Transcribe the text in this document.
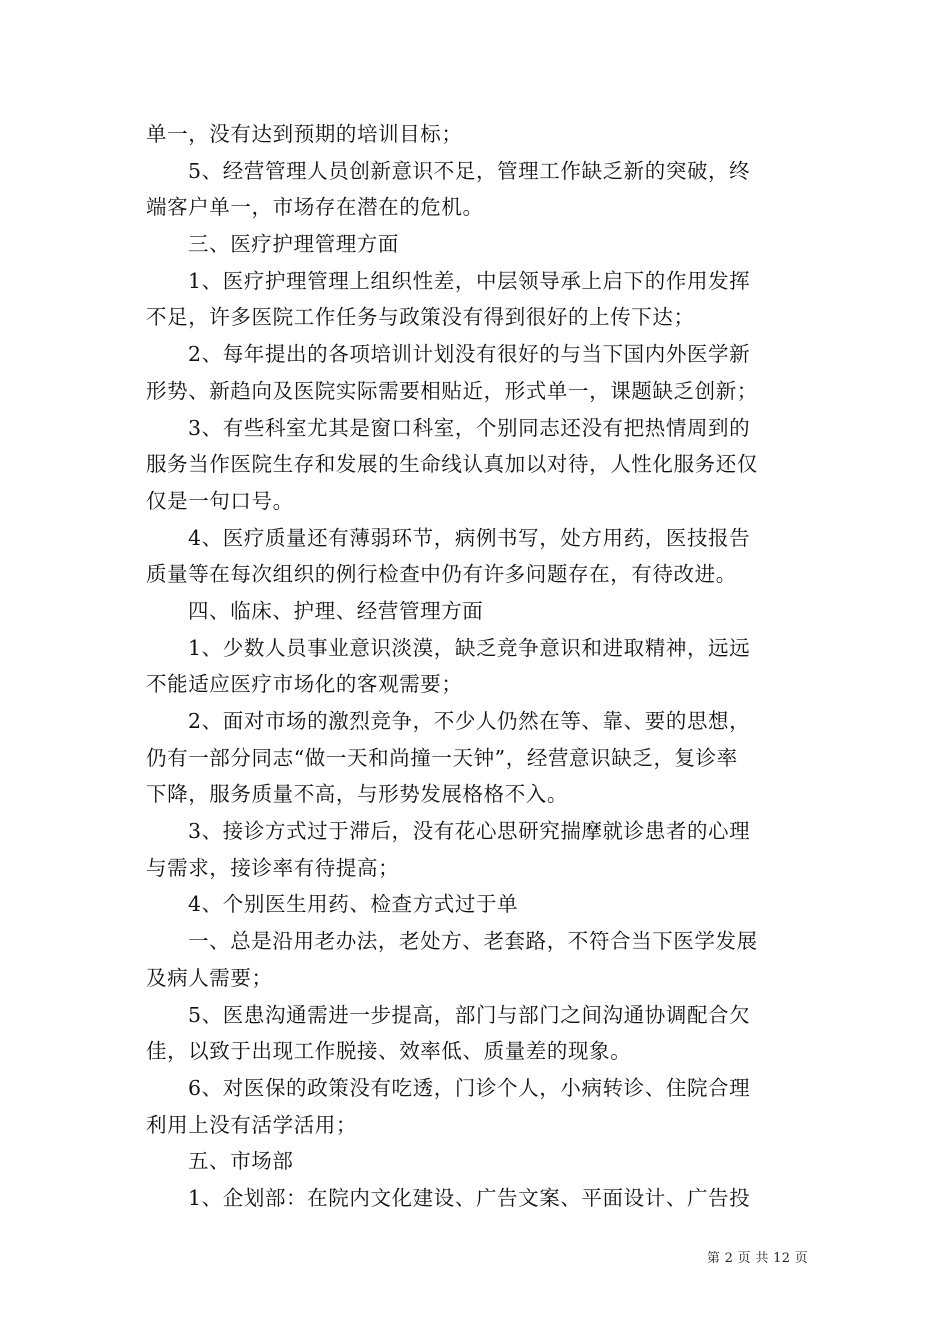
单一，没有达到预期的培训目标；
5、经营管理人员创新意识不足，管理工作缺乏新的突破，终
端客户单一，市场存在潜在的危机。
三、医疗护理管理方面
1、医疗护理管理上组织性差，中层领导承上启下的作用发挥
不足，许多医院工作任务与政策没有得到很好的上传下达；
2、每年提出的各项培训计划没有很好的与当下国内外医学新
形势、新趋向及医院实际需要相贴近，形式单一，课题缺乏创新；
3、有些科室尤其是窗口科室，个别同志还没有把热情周到的
服务当作医院生存和发展的生命线认真加以对待，人性化服务还仅
仅是一句口号。
4、医疗质量还有薄弱环节，病例书写，处方用药，医技报告
质量等在每次组织的例行检查中仍有许多问题存在，有待改进。
四、临床、护理、经营管理方面
1、少数人员事业意识淡漠，缺乏竞争意识和进取精神，远远
不能适应医疗市场化的客观需要；
2、面对市场的激烈竞争，不少人仍然在等、靠、要的思想，
仍有一部分同志“做一天和尚撞一天钟”，经营意识缺乏，复诊率
下降，服务质量不高，与形势发展格格不入。
3、接诊方式过于滞后，没有花心思研究揣摩就诊患者的心理
与需求，接诊率有待提高；
4、个别医生用药、检查方式过于单
一、总是沿用老办法，老处方、老套路，不符合当下医学发展
及病人需要；
5、医患沟通需进一步提高，部门与部门之间沟通协调配合欠
佳，以致于出现工作脱接、效率低、质量差的现象。
6、对医保的政策没有吃透，门诊个人，小病转诊、住院合理
利用上没有活学活用；
五、市场部
1、企划部：在院内文化建设、广告文案、平面设计、广告投
第 2 页 共 12 页
